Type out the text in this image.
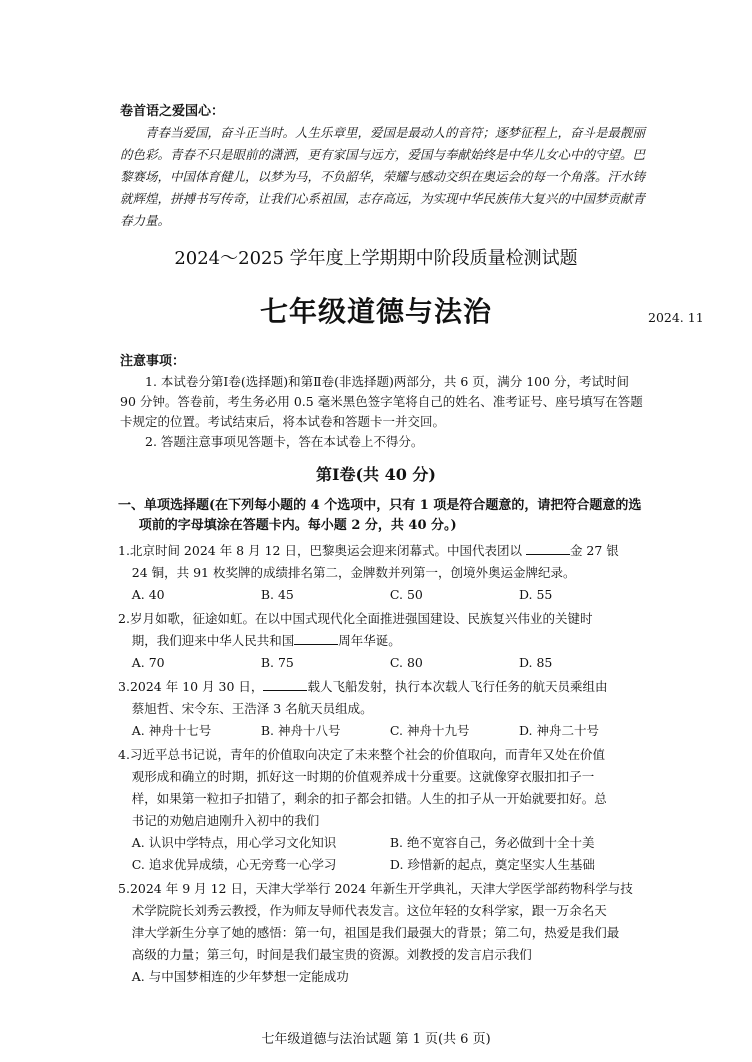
卷首语之爱国心：
青春当爱国，奋斗正当时。人生乐章里，爱国是最动人的音符；逐梦征程上，奋斗是最靓丽的色彩。青春不只是眼前的潇洒，更有家国与远方，爱国与奉献始终是中华儿女心中的守望。巴黎赛场，中国体育健儿，以梦为马，不负韶华，荣耀与感动交织在奥运会的每一个角落。汗水铸就辉煌，拼搏书写传奇，让我们心系祖国，志存高远，为实现中华民族伟大复兴的中国梦贡献青春力量。
2024～2025 学年度上学期期中阶段质量检测试题
七年级道德与法治	2024. 11
注意事项：

1. 本试卷分第Ⅰ卷(选择题)和第Ⅱ卷(非选择题)两部分，共 6 页，满分 100 分，考试时间 90 分钟。答卷前，考生务必用 0.5 毫米黑色签字笔将自己的姓名、准考证号、座号填写在答题卡规定的位置。考试结束后，将本试卷和答题卡一并交回。

2. 答题注意事项见答题卡，答在本试卷上不得分。

第Ⅰ卷(共 40 分)
一、单项选择题(在下列每小题的 4 个选项中，只有 1 项是符合题意的，请把符合题意的选
项前的字母填涂在答题卡内。每小题 2 分，共 40 分。)
1.北京时间 2024 年 8 月 12 日，巴黎奥运会迎来闭幕式。中国代表团以	金 27 银
24 铜，共 91 枚奖牌的成绩排名第二，金牌数并列第一，创境外奥运金牌纪录。
A. 40	B. 45	C. 50	D. 55
2.岁月如歌，征途如虹。在以中国式现代化全面推进强国建设、民族复兴伟业的关键时
期，我们迎来中华人民共和国	周年华诞。
A. 70	B. 75	C. 80	D. 85
3.2024 年 10 月 30 日，	载人飞船发射，执行本次载人飞行任务的航天员乘组由
蔡旭哲、宋令东、王浩泽 3 名航天员组成。
A. 神舟十七号	B. 神舟十八号	C. 神舟十九号	D. 神舟二十号
4.习近平总书记说，青年的价值取向决定了未来整个社会的价值取向，而青年又处在价值
观形成和确立的时期，抓好这一时期的价值观养成十分重要。这就像穿衣服扣扣子一
样，如果第一粒扣子扣错了，剩余的扣子都会扣错。人生的扣子从一开始就要扣好。总
书记的劝勉启迪刚升入初中的我们
A. 认识中学特点，用心学习文化知识	B. 绝不宽容自己，务必做到十全十美
C. 追求优异成绩，心无旁骛一心学习	D. 珍惜新的起点，奠定坚实人生基础
5.2024 年 9 月 12 日，天津大学举行 2024 年新生开学典礼，天津大学医学部药物科学与技
术学院院长刘秀云教授，作为师友导师代表发言。这位年轻的女科学家，跟一万余名天
津大学新生分享了她的感悟：第一句，祖国是我们最强大的背景；第二句，热爱是我们最
高级的力量；第三句，时间是我们最宝贵的资源。刘教授的发言启示我们
A. 与中国梦相连的少年梦想一定能成功
七年级道德与法治试题 第 1 页(共 6 页)
